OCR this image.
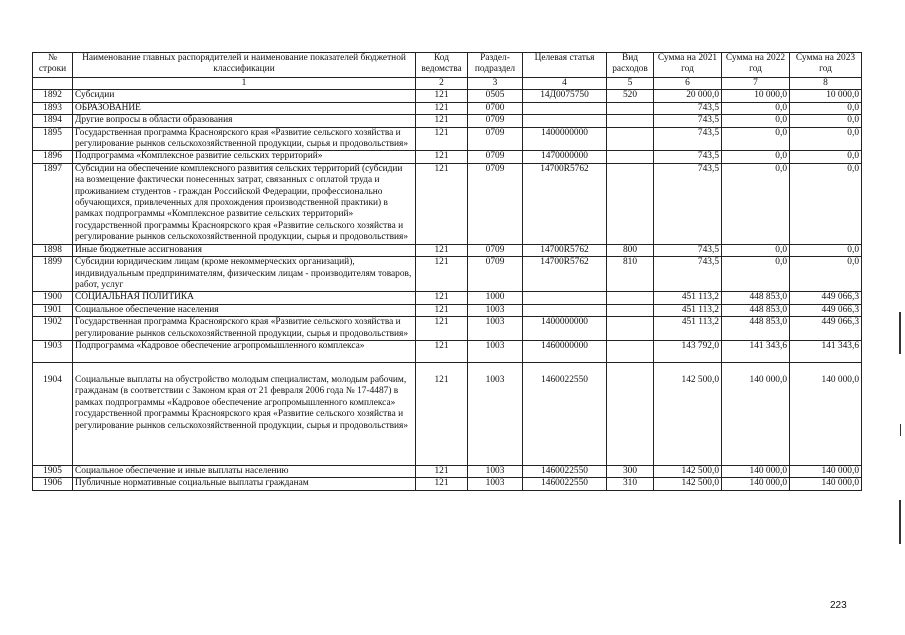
№ строки	Наименование главных распорядителей и наименование показателей бюджетной классификации	Код ведомства	Раздел-подраздел	Целевая статья	Вид расходов	Сумма на 2021 год	Сумма на 2022 год	Сумма на 2023 год
	1	2	3	4	5	6	7	8
1892	Субсидии	121	0505	14Д0075750	520	20 000,0	10 000,0	10 000,0
1893	ОБРАЗОВАНИЕ	121	0700			743,5	0,0	0,0
1894	Другие вопросы в области образования	121	0709			743,5	0,0	0,0
1895	Государственная программа Красноярского края «Развитие сельского хозяйства и регулирование рынков сельскохозяйственной продукции, сырья и продовольствия»	121	0709	1400000000		743,5	0,0	0,0
1896	Подпрограмма «Комплексное развитие сельских территорий»	121	0709	1470000000		743,5	0,0	0,0
1897	Субсидии на обеспечение комплексного развития сельских территорий (субсидии на возмещение фактически понесенных затрат, связанных с оплатой труда и проживанием студентов - граждан Российской Федерации, профессионально обучающихся, привлеченных для прохождения производственной практики) в рамках подпрограммы «Комплексное развитие сельских территорий» государственной программы Красноярского края «Развитие сельского хозяйства и регулирование рынков сельскохозяйственной продукции, сырья и продовольствия»	121	0709	14700R5762		743,5	0,0	0,0
1898	Иные бюджетные ассигнования	121	0709	14700R5762	800	743,5	0,0	0,0
1899	Субсидии юридическим лицам (кроме некоммерческих организаций), индивидуальным предпринимателям, физическим лицам - производителям товаров, работ, услуг	121	0709	14700R5762	810	743,5	0,0	0,0
1900	СОЦИАЛЬНАЯ ПОЛИТИКА	121	1000			451 113,2	448 853,0	449 066,3
1901	Социальное обеспечение населения	121	1003			451 113,2	448 853,0	449 066,3
1902	Государственная программа Красноярского края «Развитие сельского хозяйства и регулирование рынков сельскохозяйственной продукции, сырья и продовольствия»	121	1003	1400000000		451 113,2	448 853,0	449 066,3
1903	Подпрограмма «Кадровое обеспечение агропромышленного комплекса»	121	1003	1460000000		143 792,0	141 343,6	141 343,6
1904	Социальные выплаты на обустройство молодым специалистам, молодым рабочим, гражданам (в соответствии с Законом края от 21 февраля 2006 года № 17-4487) в рамках подпрограммы «Кадровое обеспечение агропромышленного комплекса» государственной программы Красноярского края «Развитие сельского хозяйства и регулирование рынков сельскохозяйственной продукции, сырья и продовольствия»	121	1003	1460022550		142 500,0	140 000,0	140 000,0
1905	Социальное обеспечение и иные выплаты населению	121	1003	1460022550	300	142 500,0	140 000,0	140 000,0
1906	Публичные нормативные социальные выплаты гражданам	121	1003	1460022550	310	142 500,0	140 000,0	140 000,0
223
